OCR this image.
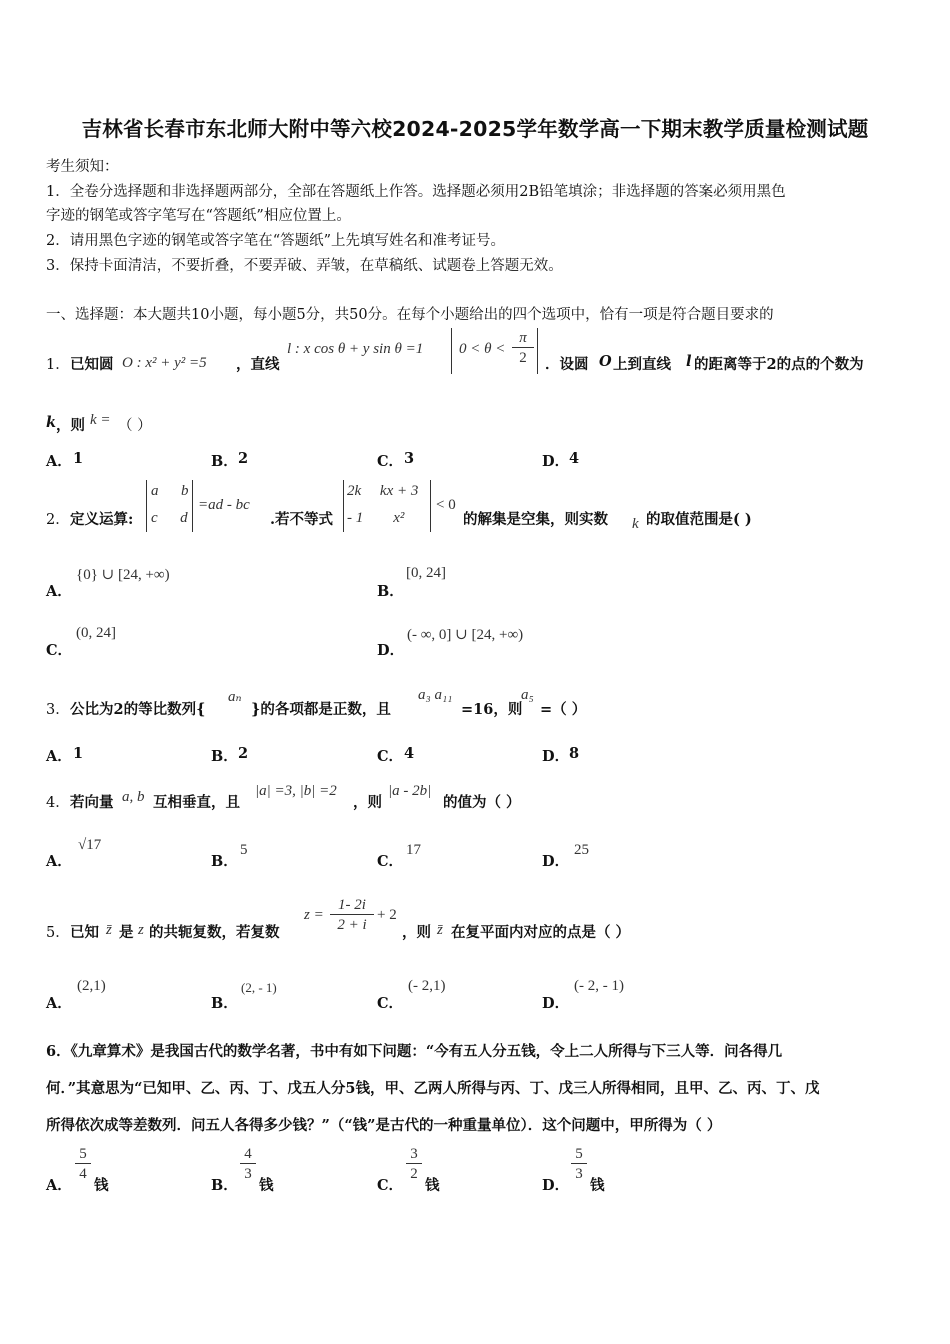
吉林省长春市东北师大附中等六校2024-2025学年数学高一下期末教学质量检测试题
考生须知：
1．全卷分选择题和非选择题两部分，全部在答题纸上作答。选择题必须用2B铅笔填涂；非选择题的答案必须用黑色
字迹的钢笔或答字笔写在“答题纸”相应位置上。
2．请用黑色字迹的钢笔或答字笔在“答题纸”上先填写姓名和准考证号。
3．保持卡面清洁，不要折叠，不要弄破、弄皱，在草稿纸、试题卷上答题无效。
一、选择题：本大题共10小题，每小题5分，共50分。在每个小题给出的四个选项中，恰有一项是符合题目要求的
1． 已知圆 O : x² + y² =5 ，直线
l : x cos θ + y sin θ =1 $0 < \theta < \frac{\pi}{2}$ ．设圆 O 上到直线 l 的距离等于2的点的个数为
k ，则 k = （ ）
A． 1	B． 2	C． 3	D． 4
2． 定义运算:
a      b
c      d
=ad - bc
.若不等式
2k     kx + 3
- 1        x²
< 0
的解集是空集，则实数 k 的取值范围是( )
A．
{0} ∪ [24, +∞)
B．
[0, 24]
C．
(0, 24]
D．
(- ∞, 0] ∪ [24, +∞)
3． 公比为2的等比数列{
aₙ
}的各项都是正数，且
a₃ a₁₁
=16，则
a₅
=（ ）
A． 1	B． 2	C． 4	D． 8
4． 若向量 a, b 互相垂直，且
|a| =3, |b| =2
，则
|a - 2b|
的值为（ ）
A．
√17
B．
5
C．
17
D．
25
5． 已知 z̄ 是 z 的共轭复数，若复数
$z = \frac{1- 2i}{2 + i} + 2$
，则 z̄ 在复平面内对应的点是（ ）
A．
(2,1)
B．
(2, - 1)
C．
(- 2,1)
D．
(- 2, - 1)
6．《九章算术》是我国古代的数学名著，书中有如下问题：“今有五人分五钱，令上二人所得与下三人等．问各得几
何．”其意思为“已知甲、乙、丙、丁、戊五人分5钱，甲、乙两人所得与丙、丁、戊三人所得相同，且甲、乙、丙、丁、戊
所得依次成等差数列．问五人各得多少钱？”（“钱”是古代的一种重量单位）．这个问题中，甲所得为（ ）
A．
$\frac{5}{4}$
钱	B．
$\frac{4}{3}$
钱	C．
$\frac{3}{2}$
钱	D．
$\frac{5}{3}$
钱
